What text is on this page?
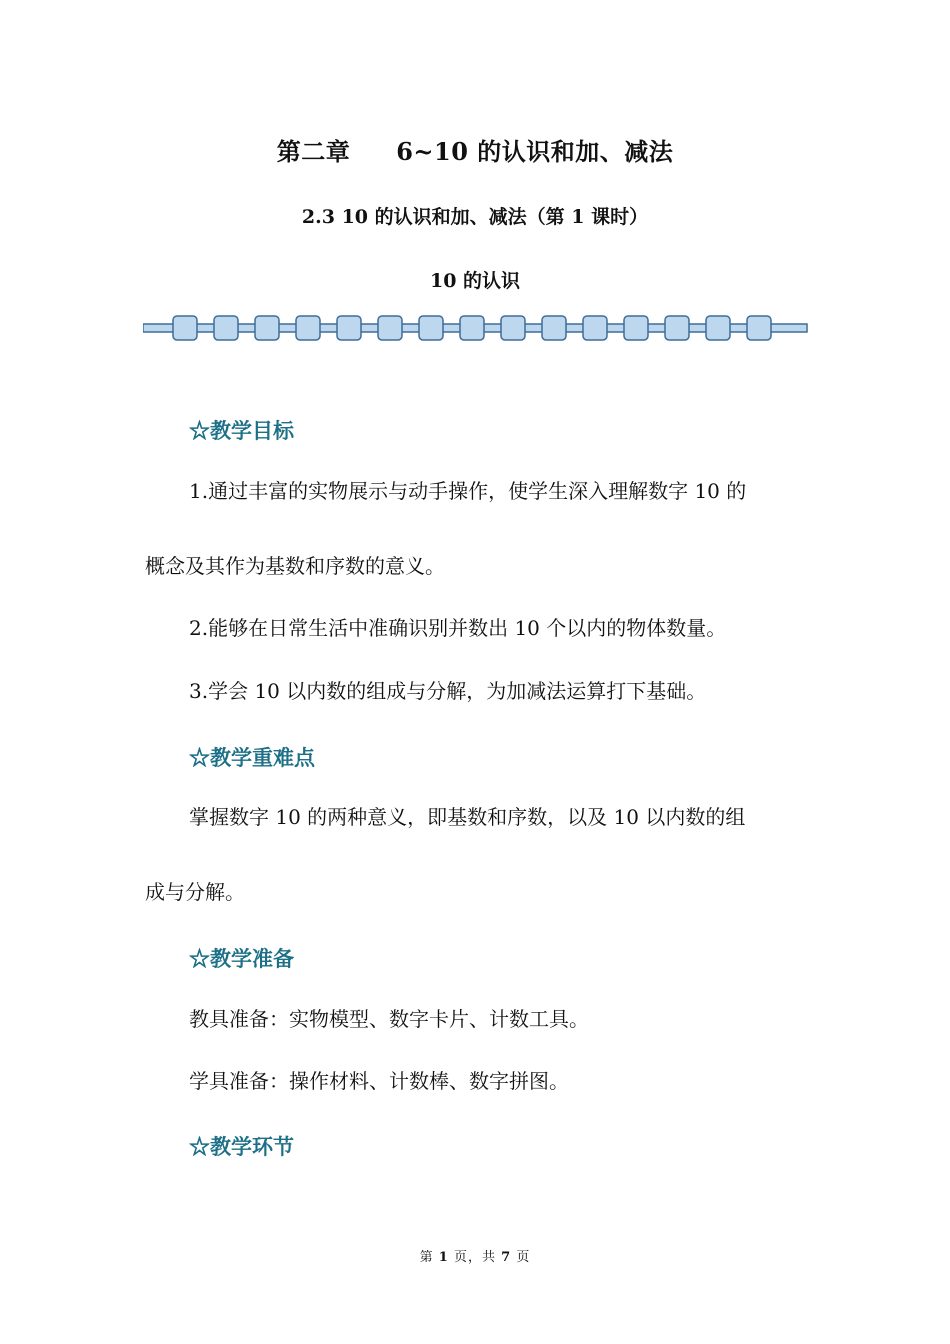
第二章 6~10 的认识和加、减法
2.3 10 的认识和加、减法（第 1 课时）
10 的认识
☆教学目标
1.通过丰富的实物展示与动手操作，使学生深入理解数字 10 的
概念及其作为基数和序数的意义。
2.能够在日常生活中准确识别并数出 10 个以内的物体数量。
3.学会 10 以内数的组成与分解，为加减法运算打下基础。
☆教学重难点
掌握数字 10 的两种意义，即基数和序数，以及 10 以内数的组
成与分解。
☆教学准备
教具准备：实物模型、数字卡片、计数工具。
学具准备：操作材料、计数棒、数字拼图。
☆教学环节
第 1 页，共 7 页
